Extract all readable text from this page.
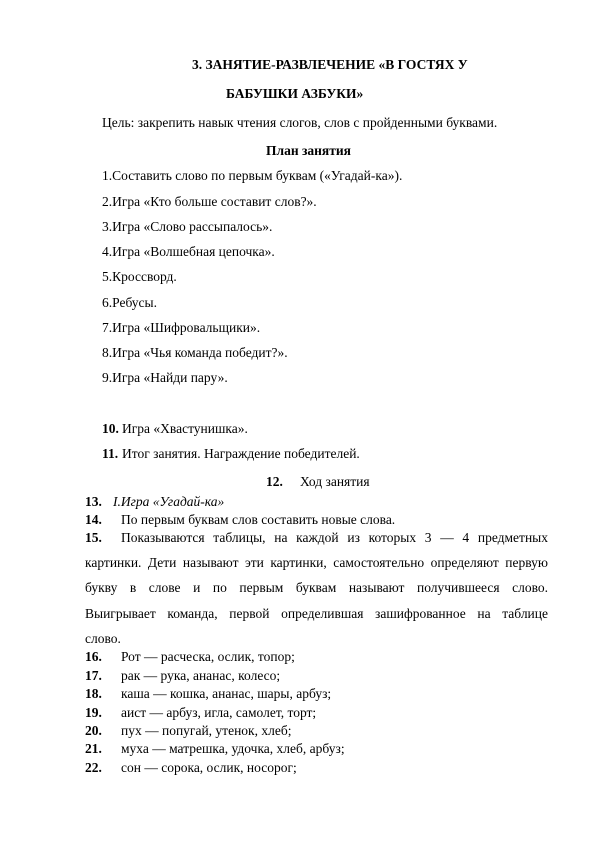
3. ЗАНЯТИЕ-РАЗВЛЕЧЕНИЕ «В ГОСТЯХ У
БАБУШКИ АЗБУКИ»
Цель: закрепить навык чтения слогов, слов с пройденными буквами.
План занятия
1.Составить слово по первым буквам («Угадай-ка»).
2.Игра «Кто больше составит слов?».
3.Игра «Слово рассыпалось».
4.Игра «Волшебная цепочка».
5.Кроссворд.
6.Ребусы.
7.Игра «Шифровальщики».
8.Игра «Чья команда победит?».
9.Игра «Найди пару».
10. Игра «Хвастунишка».
11. Итог занятия. Награждение победителей.
12. Ход занятия
13. I.Игра «Угадай-ка»
14. По первым буквам слов составить новые слова.
15. Показываются таблицы, на каждой из которых 3 — 4 предметных
картинки. Дети называют эти картинки, самостоятельно определяют первую
букву в слове и по первым буквам называют получившееся слово.
Выигрывает команда, первой определившая зашифрованное на таблице
слово.
16. Рот — расческа, ослик, топор;
17. рак — рука, ананас, колесо;
18. каша — кошка, ананас, шары, арбуз;
19. аист — арбуз, игла, самолет, торт;
20. пух — попугай, утенок, хлеб;
21. муха — матрешка, удочка, хлеб, арбуз;
22. сон — сорока, ослик, носорог;
